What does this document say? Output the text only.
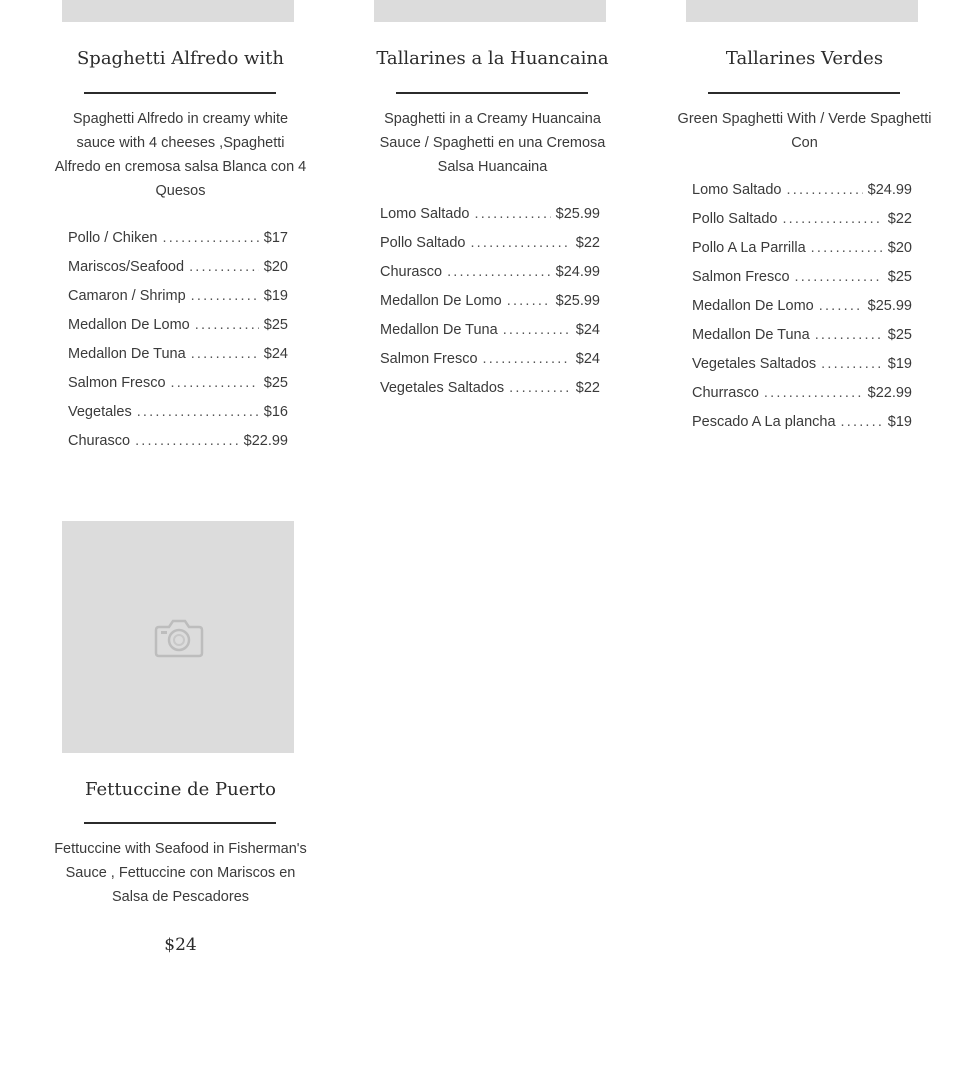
Spaghetti Alfredo with
Spaghetti Alfredo in creamy white sauce with 4 cheeses ,Spaghetti Alfredo en cremosa salsa Blanca con 4 Quesos
Pollo / Chiken .....	$17
Mariscos/Seafood .....	$20
Camaron / Shrimp .....	$19
Medallon De Lomo .....	$25
Medallon De Tuna .....	$24
Salmon Fresco .....	$25
Vegetales .....	$16
Churasco .....	$22.99
Tallarines a la Huancaina
Spaghetti in a Creamy Huancaina Sauce / Spaghetti en una Cremosa Salsa Huancaina
Lomo Saltado .....	$25.99
Pollo Saltado .....	$22
Churasco .....	$24.99
Medallon De Lomo .....	$25.99
Medallon De Tuna .....	$24
Salmon Fresco .....	$24
Vegetales Saltados .....	$22
Tallarines Verdes
Green Spaghetti With / Verde Spaghetti Con
Lomo Saltado .....	$24.99
Pollo Saltado .....	$22
Pollo A La Parrilla .....	$20
Salmon Fresco .....	$25
Medallon De Lomo .....	$25.99
Medallon De Tuna .....	$25
Vegetales Saltados .....	$19
Churrasco .....	$22.99
Pescado A La plancha .....	$19
Fettuccine de Puerto
Fettuccine with Seafood in Fisherman's Sauce , Fettuccine con Mariscos en Salsa de Pescadores
$24
